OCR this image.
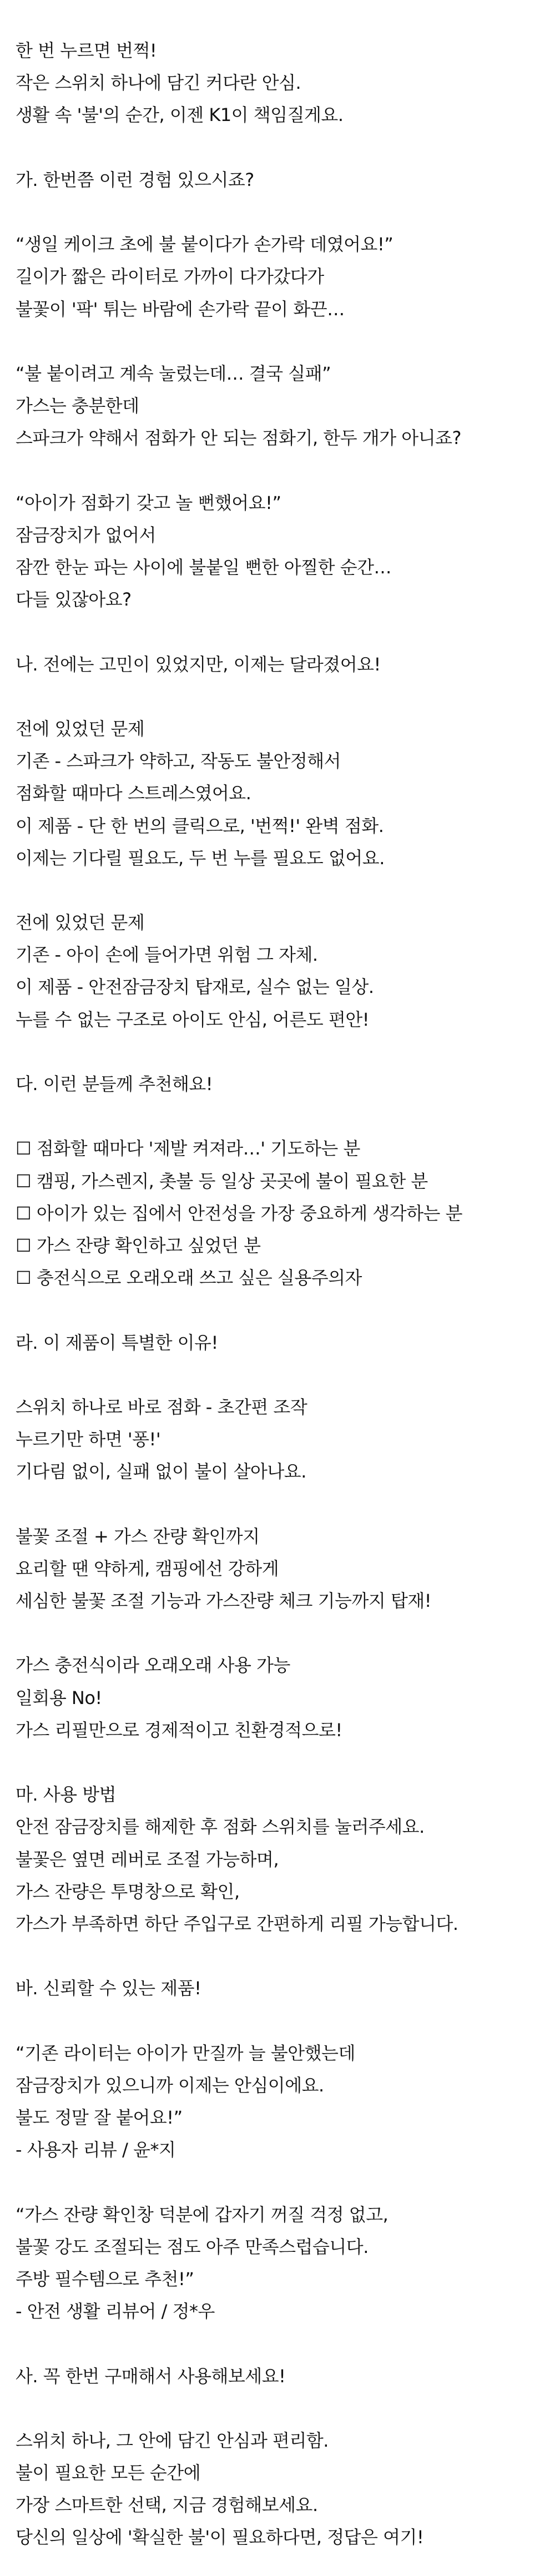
한 번 누르면 번쩍!

작은 스위치 하나에 담긴 커다란 안심.

생활 속 '불'의 순간, 이젠 K1이 책임질게요.

가. 한번쯤 이런 경험 있으시죠?

“생일 케이크 초에 불 붙이다가 손가락 데였어요!”

길이가 짧은 라이터로 가까이 다가갔다가

불꽃이 '팍' 튀는 바람에 손가락 끝이 화끈…

“불 붙이려고 계속 눌렀는데… 결국 실패”

가스는 충분한데

스파크가 약해서 점화가 안 되는 점화기, 한두 개가 아니죠?

“아이가 점화기 갖고 놀 뻔했어요!”

잠금장치가 없어서

잠깐 한눈 파는 사이에 불붙일 뻔한 아찔한 순간…

다들 있잖아요?

나. 전에는 고민이 있었지만, 이제는 달라졌어요!

전에 있었던 문제

기존 - 스파크가 약하고, 작동도 불안정해서

점화할 때마다 스트레스였어요.

이 제품 - 단 한 번의 클릭으로, '번쩍!' 완벽 점화.

이제는 기다릴 필요도, 두 번 누를 필요도 없어요.

전에 있었던 문제

기존 - 아이 손에 들어가면 위험 그 자체.

이 제품 - 안전잠금장치 탑재로, 실수 없는 일상.

누를 수 없는 구조로 아이도 안심, 어른도 편안!

다. 이런 분들께 추천해요!

☐ 점화할 때마다 '제발 켜져라…' 기도하는 분

☐ 캠핑, 가스렌지, 촛불 등 일상 곳곳에 불이 필요한 분

☐ 아이가 있는 집에서 안전성을 가장 중요하게 생각하는 분

☐ 가스 잔량 확인하고 싶었던 분

☐ 충전식으로 오래오래 쓰고 싶은 실용주의자

라. 이 제품이 특별한 이유!

스위치 하나로 바로 점화 - 초간편 조작

누르기만 하면 '퐁!'

기다림 없이, 실패 없이 불이 살아나요.

불꽃 조절 + 가스 잔량 확인까지

요리할 땐 약하게, 캠핑에선 강하게

세심한 불꽃 조절 기능과 가스잔량 체크 기능까지 탑재!

가스 충전식이라 오래오래 사용 가능

일회용 No!

가스 리필만으로 경제적이고 친환경적으로!

마. 사용 방법

안전 잠금장치를 해제한 후 점화 스위치를 눌러주세요.

불꽃은 옆면 레버로 조절 가능하며,

가스 잔량은 투명창으로 확인,

가스가 부족하면 하단 주입구로 간편하게 리필 가능합니다.

바. 신뢰할 수 있는 제품!

“기존 라이터는 아이가 만질까 늘 불안했는데

잠금장치가 있으니까 이제는 안심이에요.

불도 정말 잘 붙어요!”

- 사용자 리뷰 / 윤*지

“가스 잔량 확인창 덕분에 갑자기 꺼질 걱정 없고,

불꽃 강도 조절되는 점도 아주 만족스럽습니다.

주방 필수템으로 추천!”

- 안전 생활 리뷰어 / 정*우

사. 꼭 한번 구매해서 사용해보세요!

스위치 하나, 그 안에 담긴 안심과 편리함.

불이 필요한 모든 순간에

가장 스마트한 선택, 지금 경험해보세요.

당신의 일상에 '확실한 불'이 필요하다면, 정답은 여기!
